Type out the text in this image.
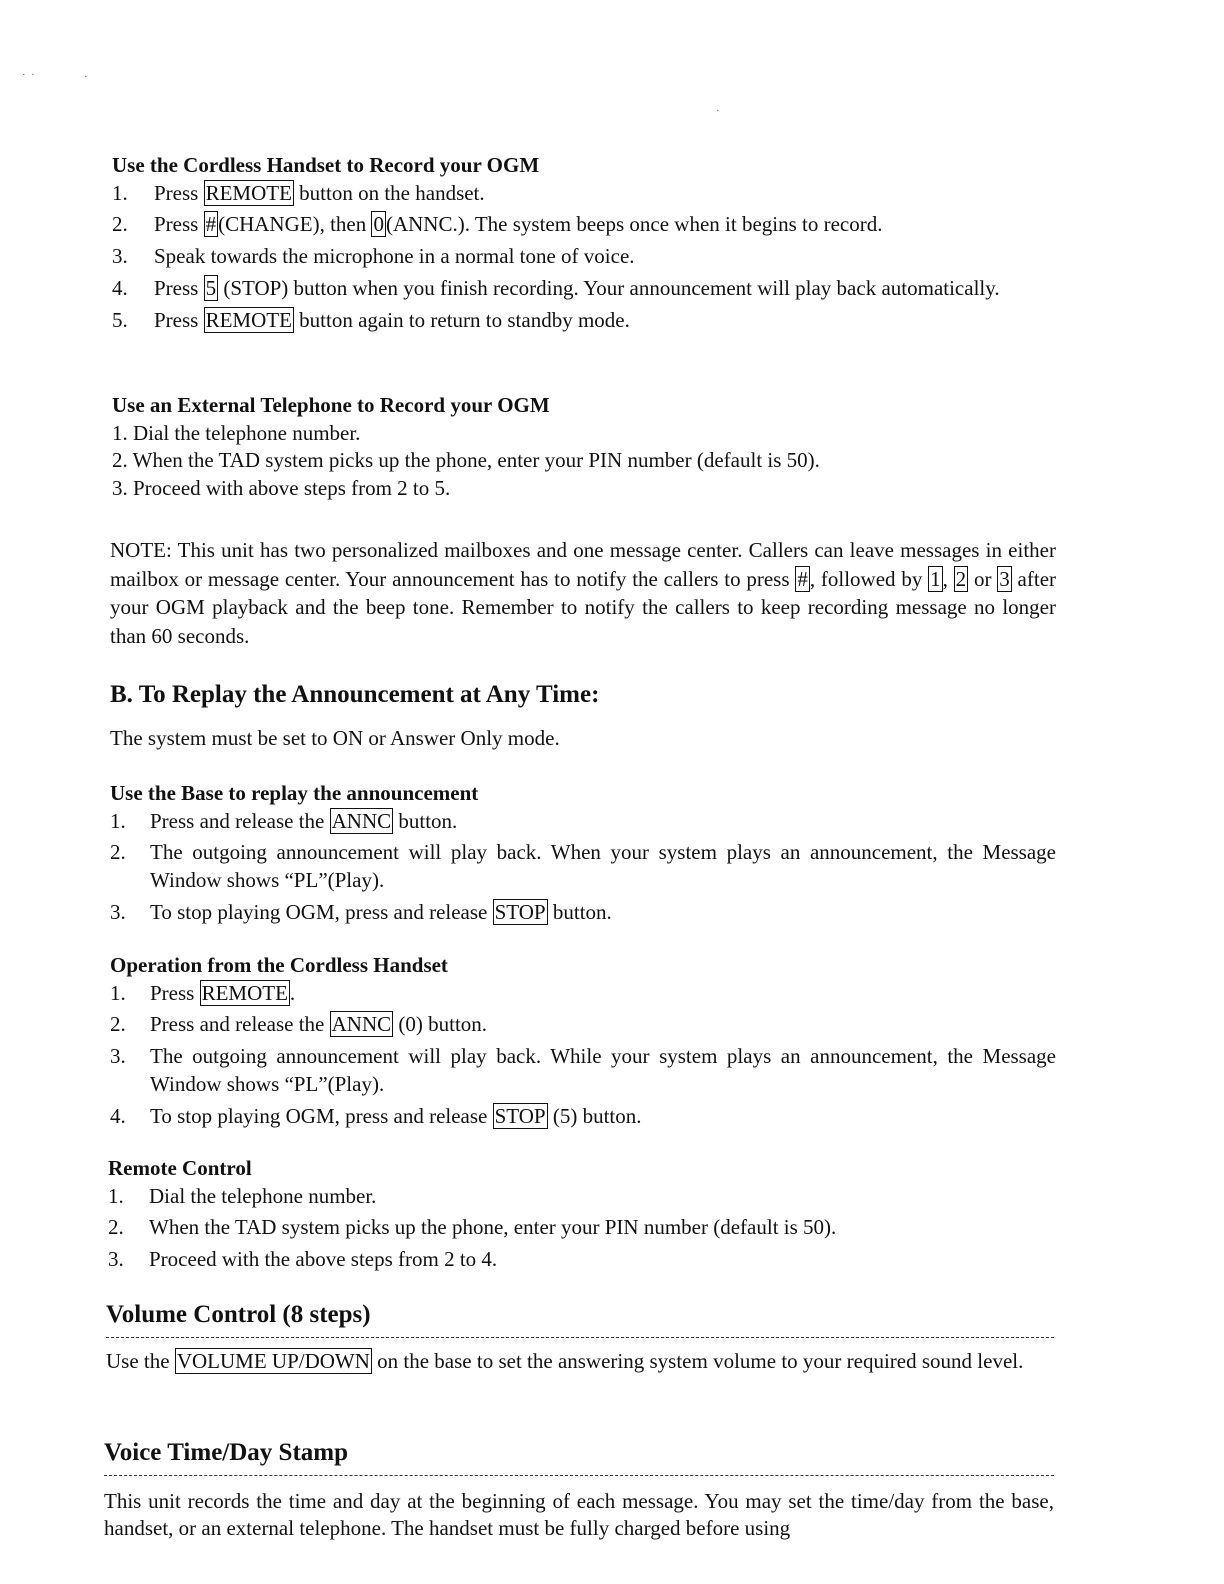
·  ·	·
·

Use the Cordless Handset to Record your OGM

1. Press REMOTE button on the handset.
2. Press #(CHANGE), then 0(ANNC.). The system beeps once when it begins to record.
3. Speak towards the microphone in a normal tone of voice.
4. Press 5 (STOP) button when you finish recording. Your announcement will play back automatically.
5. Press REMOTE button again to return to standby mode.

Use an External Telephone to Record your OGM

1. Dial the telephone number.

2. When the TAD system picks up the phone, enter your PIN number (default is 50).

3. Proceed with above steps from 2 to 5.

NOTE: This unit has two personalized mailboxes and one message center. Callers can leave messages in either mailbox or message center. Your announcement has to notify the callers to press #, followed by 1, 2 or 3 after your OGM playback and the beep tone. Remember to notify the callers to keep recording message no longer than 60 seconds.

B. To Replay the Announcement at Any Time:

The system must be set to ON or Answer Only mode.

Use the Base to replay the announcement

1. Press and release the ANNC button.
2. The outgoing announcement will play back. When your system plays an announcement, the Message Window shows “PL”(Play).
3. To stop playing OGM, press and release STOP button.

Operation from the Cordless Handset

1. Press REMOTE.
2. Press and release the ANNC (0) button.
3. The outgoing announcement will play back. While your system plays an announcement, the Message Window shows “PL”(Play).
4. To stop playing OGM, press and release STOP (5) button.

Remote Control

1. Dial the telephone number.
2. When the TAD system picks up the phone, enter your PIN number (default is 50).
3. Proceed with the above steps from 2 to 4.

Volume Control (8 steps)

Use the VOLUME UP/DOWN on the base to set the answering system volume to your required sound level.

Voice Time/Day Stamp

This unit records the time and day at the beginning of each message. You may set the time/day from the base, handset, or an external telephone. The handset must be fully charged before using
